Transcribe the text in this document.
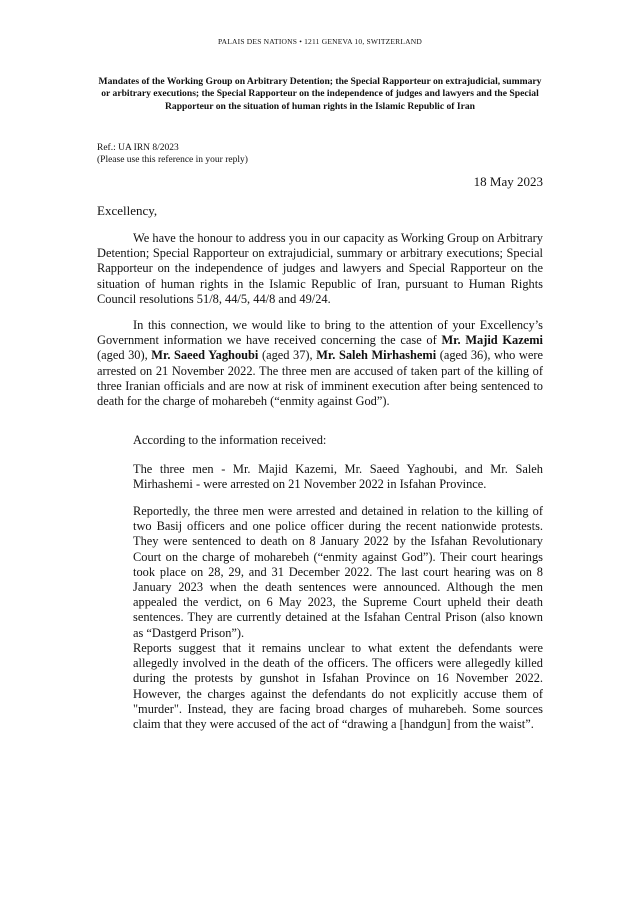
PALAIS DES NATIONS • 1211 GENEVA 10, SWITZERLAND
Mandates of the Working Group on Arbitrary Detention; the Special Rapporteur on extrajudicial, summary or arbitrary executions; the Special Rapporteur on the independence of judges and lawyers and the Special Rapporteur on the situation of human rights in the Islamic Republic of Iran
Ref.: UA IRN 8/2023
(Please use this reference in your reply)
18 May 2023
Excellency,
We have the honour to address you in our capacity as Working Group on Arbitrary Detention; Special Rapporteur on extrajudicial, summary or arbitrary executions; Special Rapporteur on the independence of judges and lawyers and Special Rapporteur on the situation of human rights in the Islamic Republic of Iran, pursuant to Human Rights Council resolutions 51/8, 44/5, 44/8 and 49/24.
In this connection, we would like to bring to the attention of your Excellency’s Government information we have received concerning the case of Mr. Majid Kazemi (aged 30), Mr. Saeed Yaghoubi (aged 37), Mr. Saleh Mirhashemi (aged 36), who were arrested on 21 November 2022. The three men are accused of taken part of the killing of three Iranian officials and are now at risk of imminent execution after being sentenced to death for the charge of moharebeh (“enmity against God”).
According to the information received:
The three men - Mr. Majid Kazemi, Mr. Saeed Yaghoubi, and Mr. Saleh Mirhashemi - were arrested on 21 November 2022 in Isfahan Province.
Reportedly, the three men were arrested and detained in relation to the killing of two Basij officers and one police officer during the recent nationwide protests. They were sentenced to death on 8 January 2022 by the Isfahan Revolutionary Court on the charge of moharebeh (“enmity against God”). Their court hearings took place on 28, 29, and 31 December 2022. The last court hearing was on 8 January 2023 when the death sentences were announced. Although the men appealed the verdict, on 6 May 2023, the Supreme Court upheld their death sentences. They are currently detained at the Isfahan Central Prison (also known as “Dastgerd Prison”).
Reports suggest that it remains unclear to what extent the defendants were allegedly involved in the death of the officers. The officers were allegedly killed during the protests by gunshot in Isfahan Province on 16 November 2022. However, the charges against the defendants do not explicitly accuse them of "murder". Instead, they are facing broad charges of muharebeh. Some sources claim that they were accused of the act of “drawing a [handgun] from the waist”.
